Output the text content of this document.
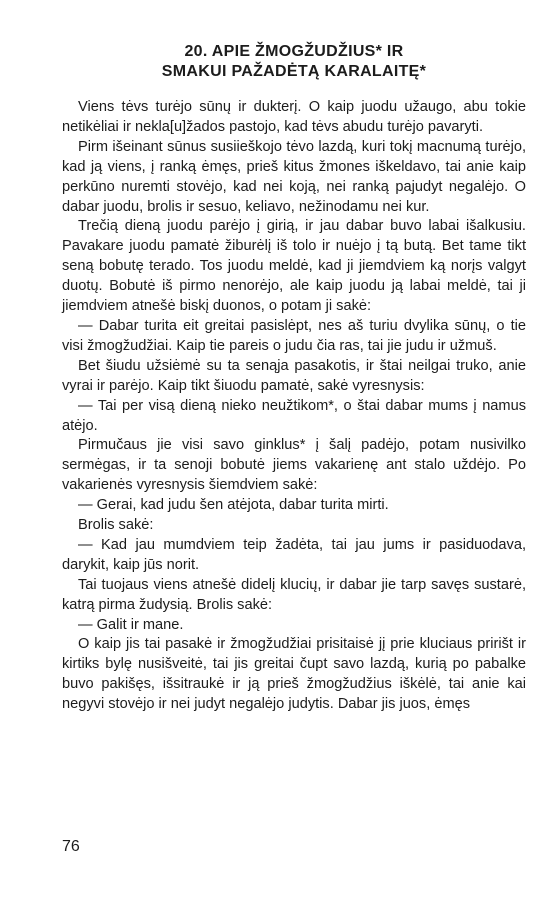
20. APIE ŽMOGŽUDŽIUS* IR
SMAKUI PAŽADĖTĄ KARALAITĘ*

Viens tėvs turėjo sūnų ir dukterį. O kaip juodu užaugo, abu tokie netikėliai ir nekla[u]žados pastojo, kad tėvs abudu turėjo pavaryti.

Pirm išeinant sūnus susiieškojo tėvo lazdą, kuri tokį macnumą turėjo, kad ją viens, į ranką ėmęs, prieš kitus žmones iškeldavo, tai anie kaip perkūno nuremti stovėjo, kad nei koją, nei ranką pajudyt negalėjo. O dabar juodu, brolis ir sesuo, keliavo, nežinodamu nei kur.

Trečią dieną juodu parėjo į girią, ir jau dabar buvo labai išalkusiu. Pavakare juodu pamatė žiburėlį iš tolo ir nuėjo į tą butą. Bet tame tikt seną bobutę terado. Tos juodu meldė, kad ji jiemdviem ką norįs valgyt duotų. Bobutė iš pirmo nenorėjo, ale kaip juodu ją labai meldė, tai ji jiemdviem atnešė biskį duonos, o potam ji sakė:

— Dabar turita eit greitai pasislėpt, nes aš turiu dvylika sūnų, o tie visi žmogžudžiai. Kaip tie pareis o judu čia ras, tai jie judu ir užmuš.

Bet šiudu užsiėmė su ta senąja pasakotis, ir štai neilgai truko, anie vyrai ir parėjo. Kaip tikt šiuodu pamatė, sakė vyresnysis:

— Tai per visą dieną nieko neužtikom*, o štai dabar mums į namus atėjo.

Pirmučaus jie visi savo ginklus* į šalį padėjo, potam nusivilko sermėgas, ir ta senoji bobutė jiems vakarienę ant stalo uždėjo. Po vakarienės vyresnysis šiemdviem sakė:

— Gerai, kad judu šen atėjota, dabar turita mirti.

Brolis sakė:

— Kad jau mumdviem teip žadėta, tai jau jums ir pasiduodava, darykit, kaip jūs norit.

Tai tuojaus viens atnešė didelį klucių, ir dabar jie tarp savęs sustarė, katrą pirma žudysią. Brolis sakė:

— Galit ir mane.

O kaip jis tai pasakė ir žmogžudžiai prisitaisė jį prie kluciaus pririšt ir kirtiks bylę nusišveitė, tai jis greitai čupt savo lazdą, kurią po pabalke buvo pakišęs, išsitraukė ir ją prieš žmogžudžius iškėlė, tai anie kai negyvi stovėjo ir nei judyt negalėjo judytis. Dabar jis juos, ėmęs

76
